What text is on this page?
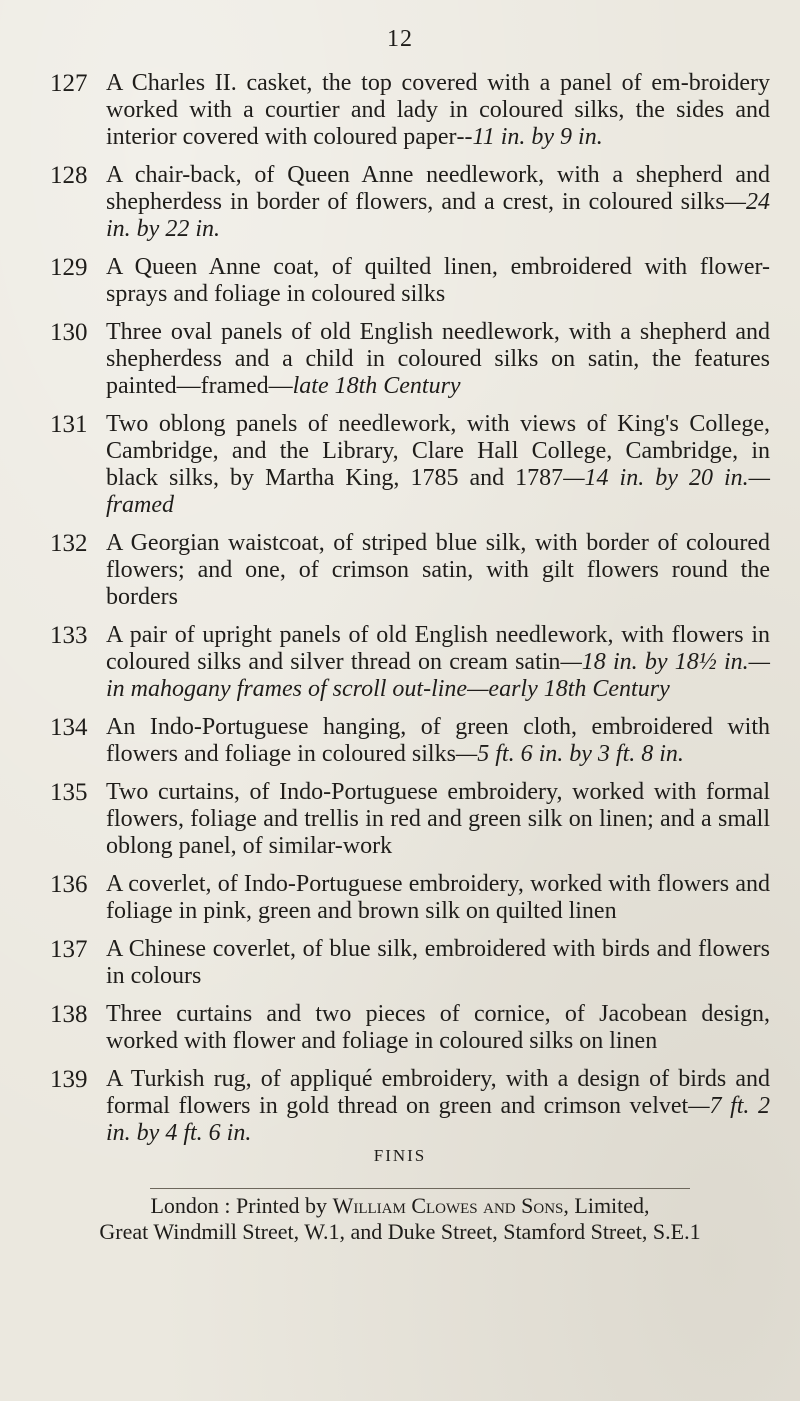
12
127 A Charles II. casket, the top covered with a panel of em-broidery worked with a courtier and lady in coloured silks, the sides and interior covered with coloured paper--11 in. by 9 in.
128 A chair-back, of Queen Anne needlework, with a shepherd and shepherdess in border of flowers, and a crest, in coloured silks—24 in. by 22 in.
129 A Queen Anne coat, of quilted linen, embroidered with flower-sprays and foliage in coloured silks
130 Three oval panels of old English needlework, with a shepherd and shepherdess and a child in coloured silks on satin, the features painted—framed—late 18th Century
131 Two oblong panels of needlework, with views of King's College, Cambridge, and the Library, Clare Hall College, Cambridge, in black silks, by Martha King, 1785 and 1787—14 in. by 20 in.—framed
132 A Georgian waistcoat, of striped blue silk, with border of coloured flowers; and one, of crimson satin, with gilt flowers round the borders
133 A pair of upright panels of old English needlework, with flowers in coloured silks and silver thread on cream satin—18 in. by 18½ in.—in mahogany frames of scroll out-line—early 18th Century
134 An Indo-Portuguese hanging, of green cloth, embroidered with flowers and foliage in coloured silks—5 ft. 6 in. by 3 ft. 8 in.
135 Two curtains, of Indo-Portuguese embroidery, worked with formal flowers, foliage and trellis in red and green silk on linen; and a small oblong panel, of similar-work
136 A coverlet, of Indo-Portuguese embroidery, worked with flowers and foliage in pink, green and brown silk on quilted linen
137 A Chinese coverlet, of blue silk, embroidered with birds and flowers in colours
138 Three curtains and two pieces of cornice, of Jacobean design, worked with flower and foliage in coloured silks on linen
139 A Turkish rug, of appliqué embroidery, with a design of birds and formal flowers in gold thread on green and crimson velvet—7 ft. 2 in. by 4 ft. 6 in.
FINIS
London : Printed by William Clowes and Sons, Limited,
Great Windmill Street, W.1, and Duke Street, Stamford Street, S.E.1
